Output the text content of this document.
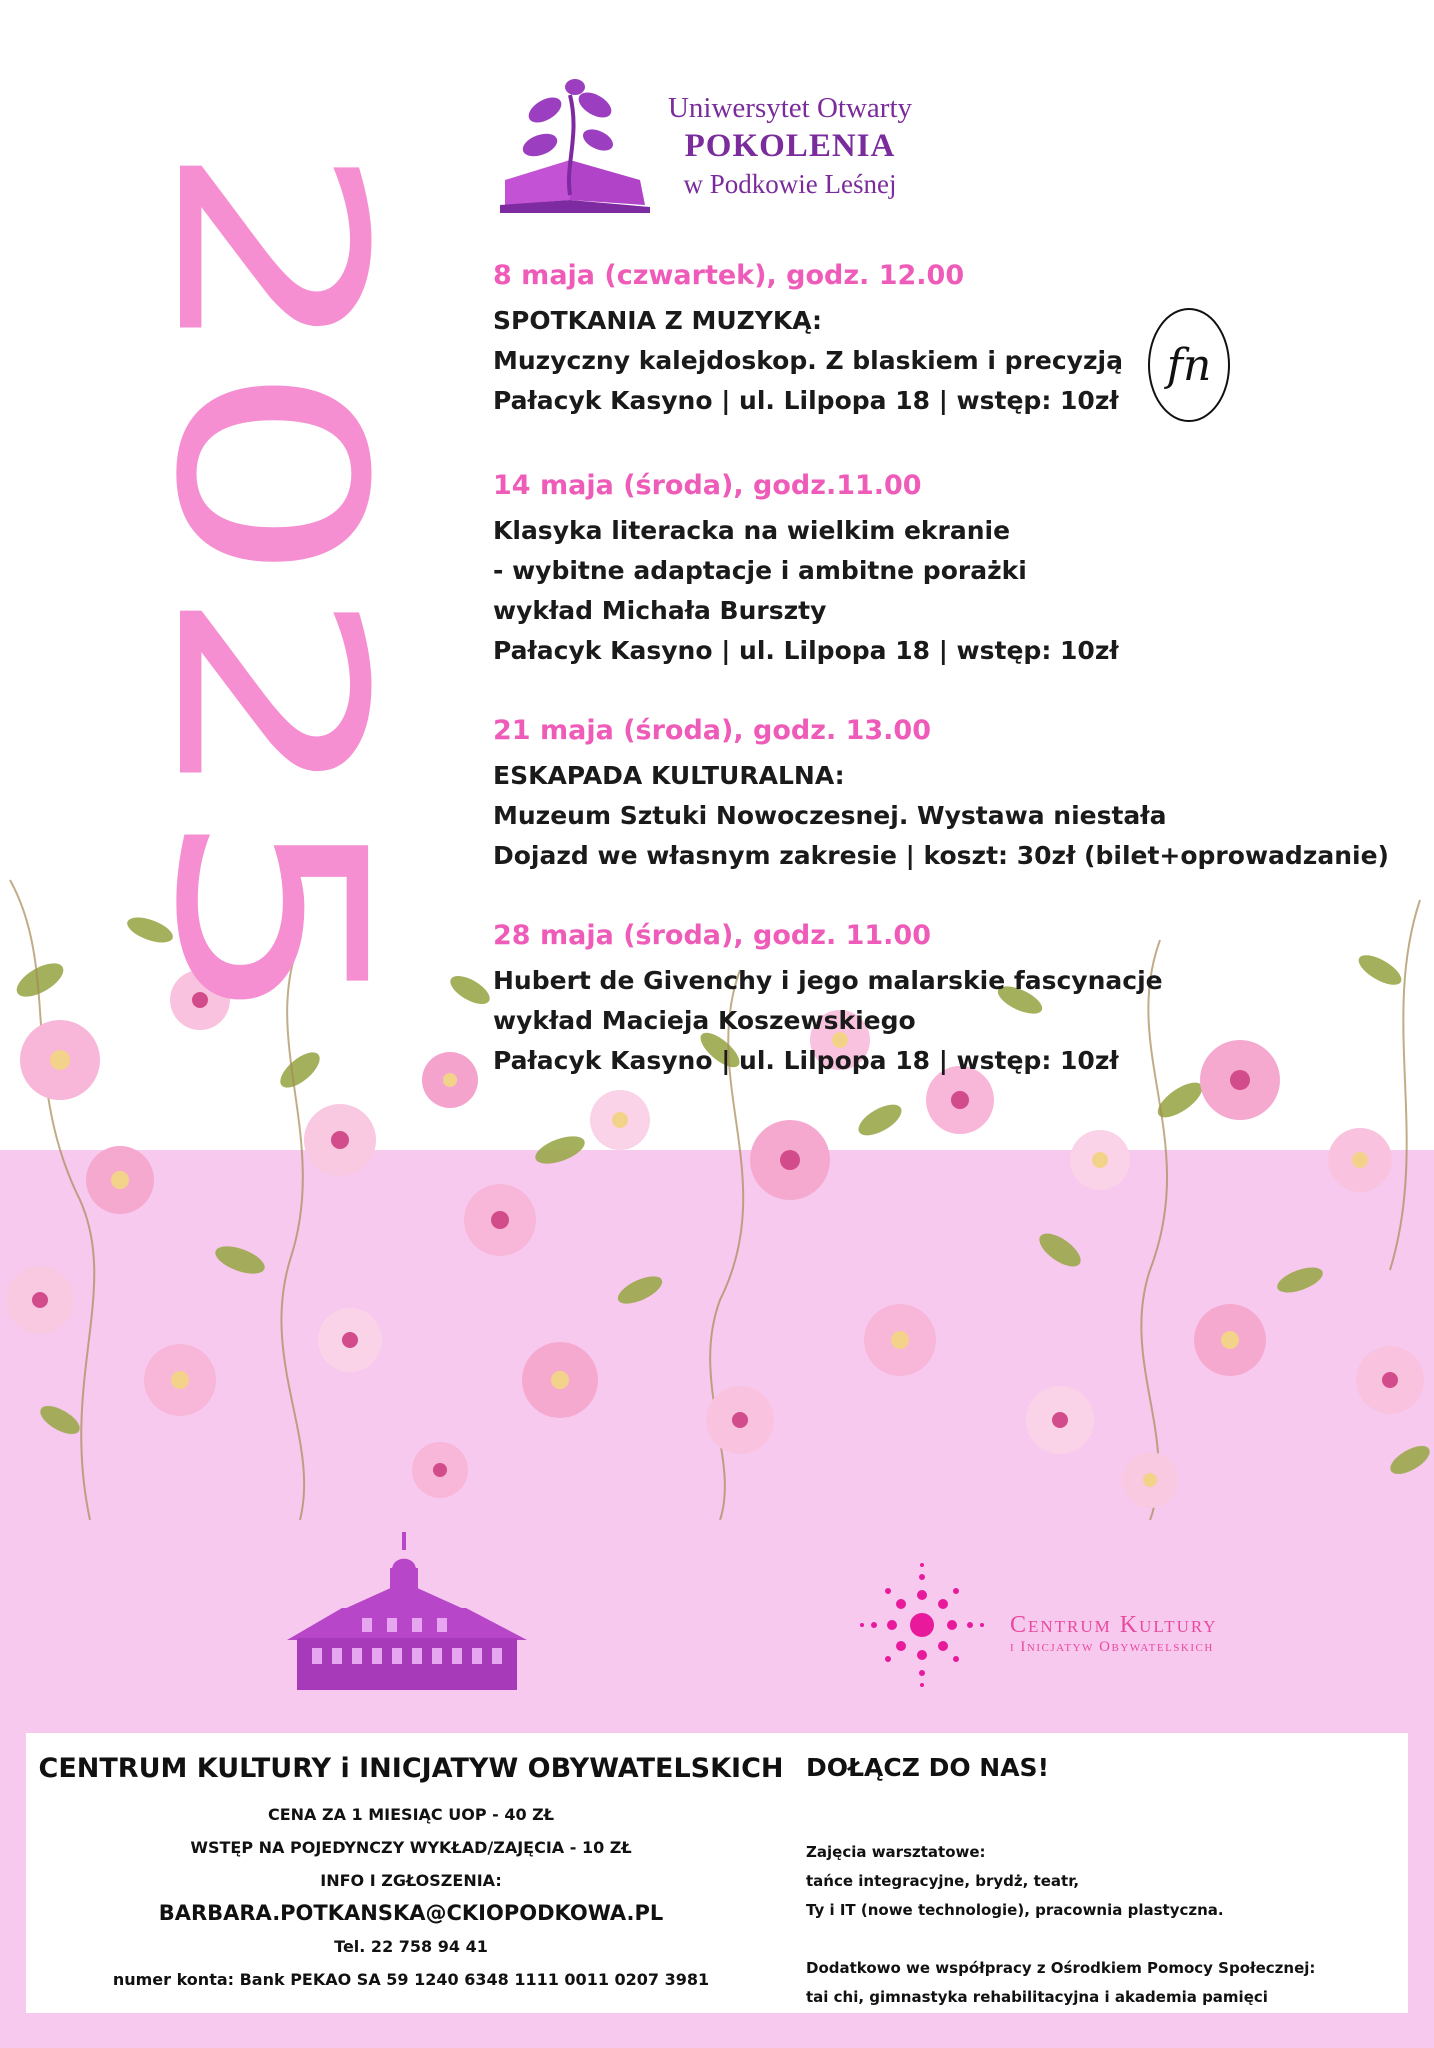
2025
Uniwersytet Otwarty
POKOLENIA
w Podkowie Leśnej
fn
8 maja (czwartek), godz. 12.00
SPOTKANIA Z MUZYKĄ:
Muzyczny kalejdoskop. Z blaskiem i precyzją
Pałacyk Kasyno | ul. Lilpopa 18 | wstęp: 10zł
14 maja (środa), godz.11.00
Klasyka literacka na wielkim ekranie
- wybitne adaptacje i ambitne porażki
wykład Michała Burszty
Pałacyk Kasyno | ul. Lilpopa 18 | wstęp: 10zł
21 maja (środa), godz. 13.00
ESKAPADA KULTURALNA:
Muzeum Sztuki Nowoczesnej. Wystawa niestała
Dojazd we własnym zakresie | koszt: 30zł (bilet+oprowadzanie)
28 maja (środa), godz. 11.00
Hubert de Givenchy i jego malarskie fascynacje
wykład Macieja Koszewskiego
Pałacyk Kasyno | ul. Lilpopa 18 | wstęp: 10zł
Centrum Kultury
i Inicjatyw Obywatelskich
CENTRUM KULTURY i INICJATYW OBYWATELSKICH
CENA ZA 1 MIESIĄC UOP - 40 ZŁ
WSTĘP NA POJEDYNCZY WYKŁAD/ZAJĘCIA - 10 ZŁ
INFO I ZGŁOSZENIA:
BARBARA.POTKANSKA@CKIOPODKOWA.PL
Tel. 22 758 94 41
numer konta: Bank PEKAO SA 59 1240 6348 1111 0011 0207 3981
DOŁĄCZ DO NAS!
Zajęcia warsztatowe:
tańce integracyjne, brydż, teatr,
Ty i IT (nowe technologie), pracownia plastyczna.
Dodatkowo we współpracy z Ośrodkiem Pomocy Społecznej:
tai chi, gimnastyka rehabilitacyjna i akademia pamięci
